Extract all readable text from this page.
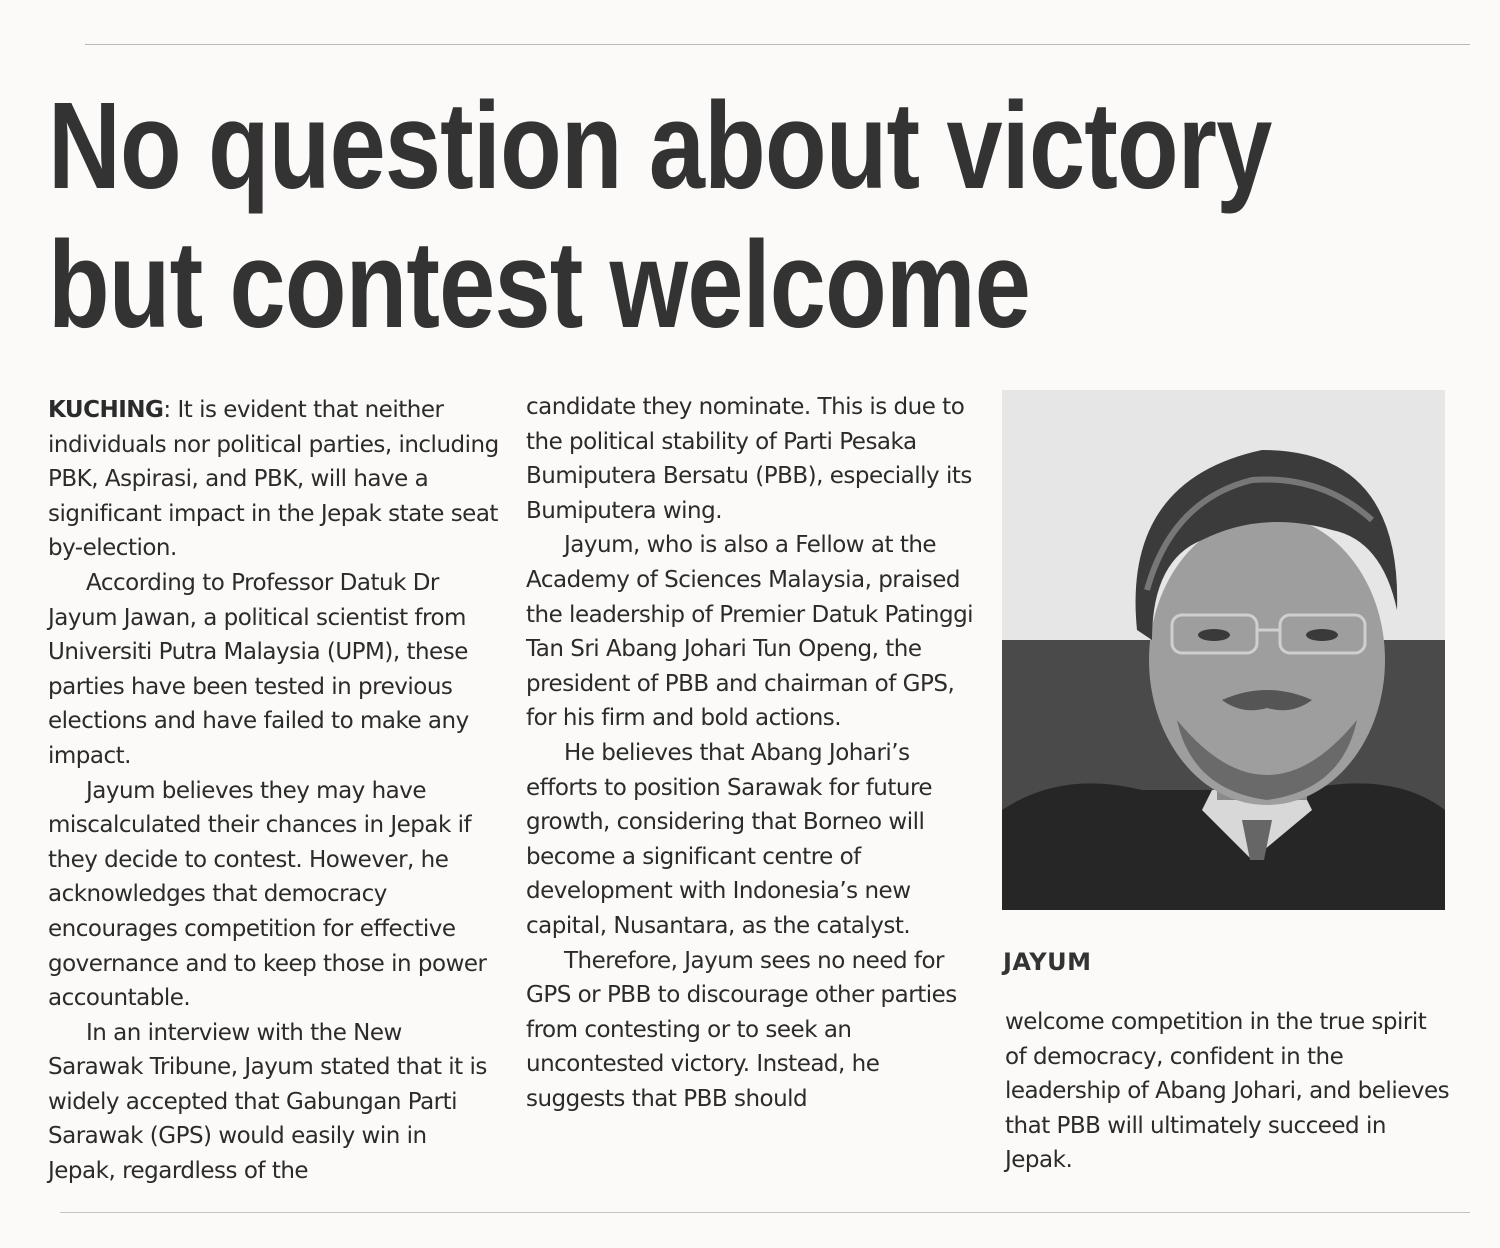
No question about victory
but contest welcome

KUCHING: It is evident that neither individuals nor political parties, including PBK, Aspirasi, and PBK, will have a significant impact in the Jepak state seat by-election.

According to Professor Datuk Dr Jayum Jawan, a political scientist from Universiti Putra Malaysia (UPM), these parties have been tested in previous elections and have failed to make any impact.

Jayum believes they may have miscalculated their chances in Jepak if they decide to contest. However, he acknowledges that democracy encourages competition for effective governance and to keep those in power accountable.

In an interview with the New Sarawak Tribune, Jayum stated that it is widely accepted that Gabungan Parti Sarawak (GPS) would easily win in Jepak, regardless of the

candidate they nominate. This is due to the political stability of Parti Pesaka Bumiputera Bersatu (PBB), especially its Bumiputera wing.

Jayum, who is also a Fellow at the Academy of Sciences Malaysia, praised the leadership of Premier Datuk Patinggi Tan Sri Abang Johari Tun Openg, the president of PBB and chairman of GPS, for his firm and bold actions.

He believes that Abang Johari’s efforts to position Sarawak for future growth, considering that Borneo will become a significant centre of development with Indonesia’s new capital, Nusantara, as the catalyst.

Therefore, Jayum sees no need for GPS or PBB to discourage other parties from contesting or to seek an uncontested victory. Instead, he suggests that PBB should

JAYUM

welcome competition in the true spirit of democracy, confident in the leadership of Abang Johari, and believes that PBB will ultimately succeed in Jepak.
